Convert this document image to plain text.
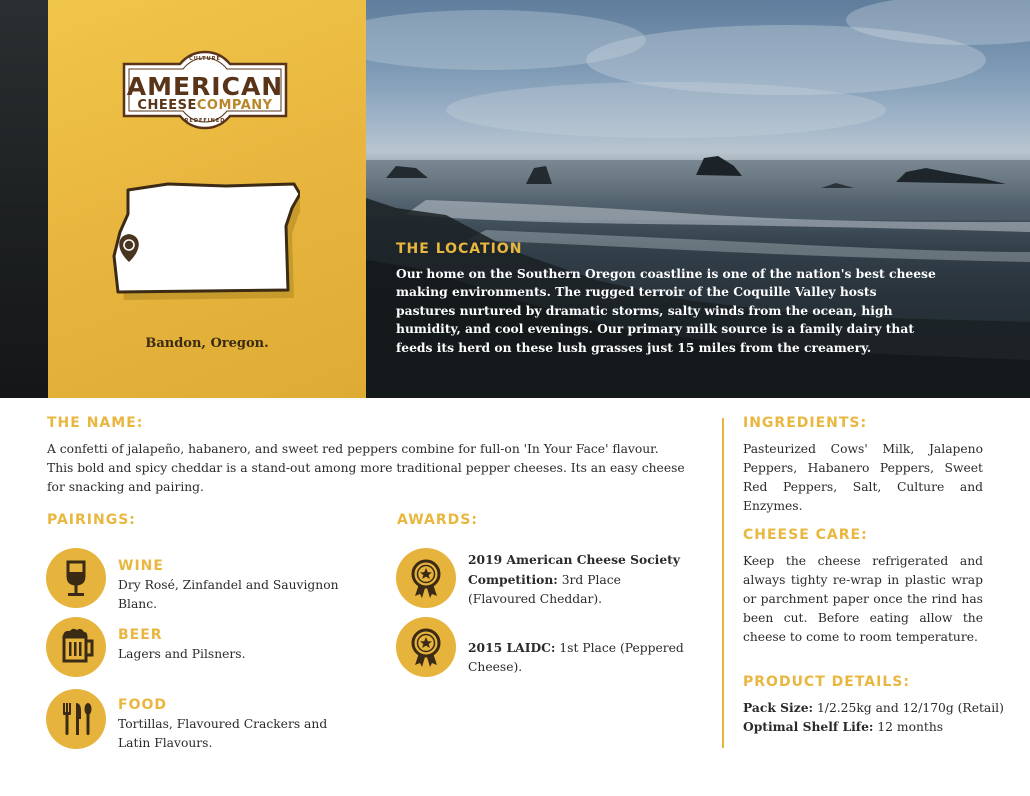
CULTURE
AMERICAN
CHEESECOMPANY
REDEFINED
Bandon, Oregon.
THE LOCATION
Our home on the Southern Oregon coastline is one of the nation's best cheese making environments. The rugged terroir of the Coquille Valley hosts pastures nurtured by dramatic storms, salty winds from the ocean, high humidity, and cool evenings. Our primary milk source is a family dairy that feeds its herd on these lush grasses just 15 miles from the creamery.
THE NAME:
A confetti of jalapeño, habanero, and sweet red peppers combine for full-on 'In Your Face' flavour. This bold and spicy cheddar is a stand-out among more traditional pepper cheeses. Its an easy cheese for snacking and pairing.
PAIRINGS:
WINE
Dry Rosé, Zinfandel and Sauvignon Blanc.
BEER
Lagers and Pilsners.
FOOD
Tortillas, Flavoured Crackers and Latin Flavours.
AWARDS:
2019 American Cheese Society Competition: 3rd Place (Flavoured Cheddar).
2015 LAIDC: 1st Place (Peppered Cheese).
INGREDIENTS:
Pasteurized Cows' Milk, Jalapeno Peppers, Habanero Peppers, Sweet Red Peppers, Salt, Culture and Enzymes.
CHEESE CARE:
Keep the cheese refrigerated and always tighty re-wrap in plastic wrap or parchment paper once the rind has been cut. Before eating allow the cheese to come to room temperature.
PRODUCT DETAILS:
Pack Size: 1/2.25kg and 12/170g (Retail)
Optimal Shelf Life: 12 months
